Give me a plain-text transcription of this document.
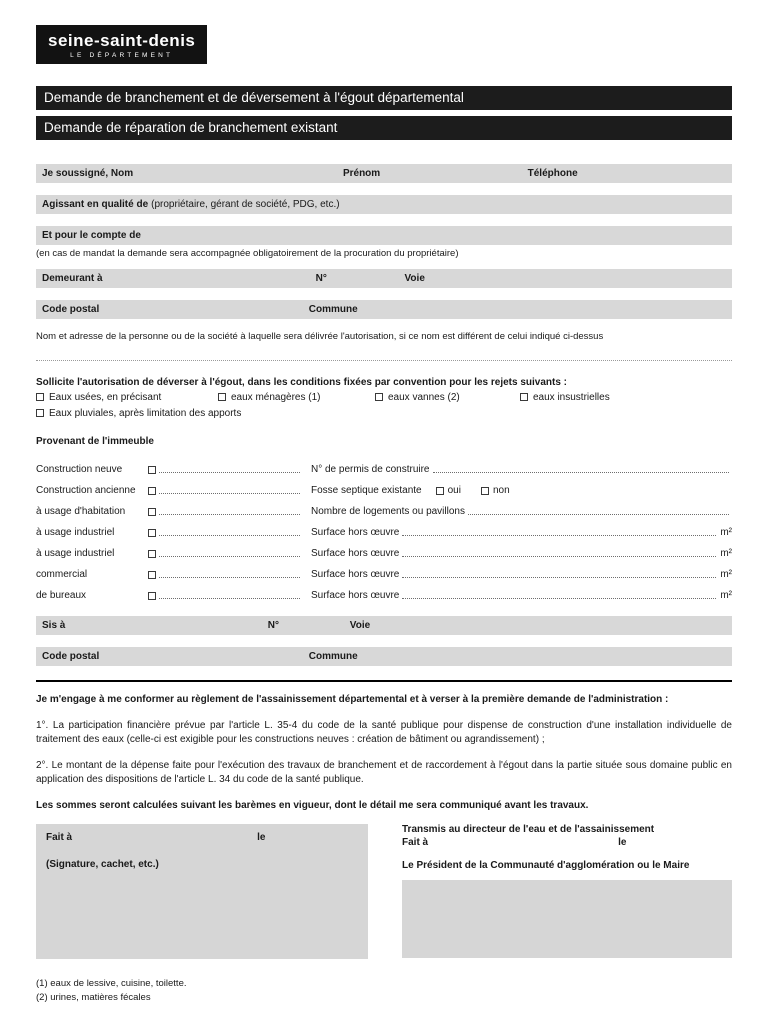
seine-saint-denis
LE DÉPARTEMENT
Demande de branchement et de déversement à l'égout départemental
Demande de réparation de branchement existant
Je soussigné, Nom	Prénom	Téléphone
Agissant en qualité de (propriétaire, gérant de société, PDG, etc.)
Et pour le compte de
(en cas de mandat la demande sera accompagnée obligatoirement de la procuration du propriétaire)
Demeurant à	N°	Voie
Code postal	Commune
Nom et adresse de la personne ou de la société à laquelle sera délivrée l'autorisation, si ce nom est différent de celui indiqué ci-dessus
Sollicite l'autorisation de déverser à l'égout, dans les conditions fixées par convention pour les rejets suivants :
Eaux usées, en précisant	eaux ménagères (1)	eaux vannes (2)	eaux insustrielles
Eaux pluviales, après limitation des apports
Provenant de l'immeuble
Construction neuve	N° de permis de construire
Construction ancienne	Fosse septique existante	oui	non
à usage d'habitation	Nombre de logements ou pavillons
à usage industriel	Surface hors œuvre	m²
à usage industriel	Surface hors œuvre	m²
commercial	Surface hors œuvre	m²
de bureaux	Surface hors œuvre	m²
Sis à	N°	Voie
Code postal	Commune
Je m'engage à me conformer au règlement de l'assainissement départemental et à verser à la première demande de l'administration :

1°. La participation financière prévue par l'article L. 35-4 du code de la santé publique pour dispense de construction d'une installation individuelle de traitement des eaux (celle-ci est exigible pour les constructions neuves : création de bâtiment ou agrandissement) ;

2°. Le montant de la dépense faite pour l'exécution des travaux de branchement et de raccordement à l'égout dans la partie située sous domaine public en application des dispositions de l'article L. 34 du code de la santé publique.

Les sommes seront calculées suivant les barèmes en vigueur, dont le détail me sera communiqué avant les travaux.

Fait à	le
(Signature, cachet, etc.)
Transmis au directeur de l'eau et de l'assainissement
Fait à	le
Le Président de la Communauté d'agglomération ou le Maire
(1) eaux de lessive, cuisine, toilette.
(2) urines, matières fécales
